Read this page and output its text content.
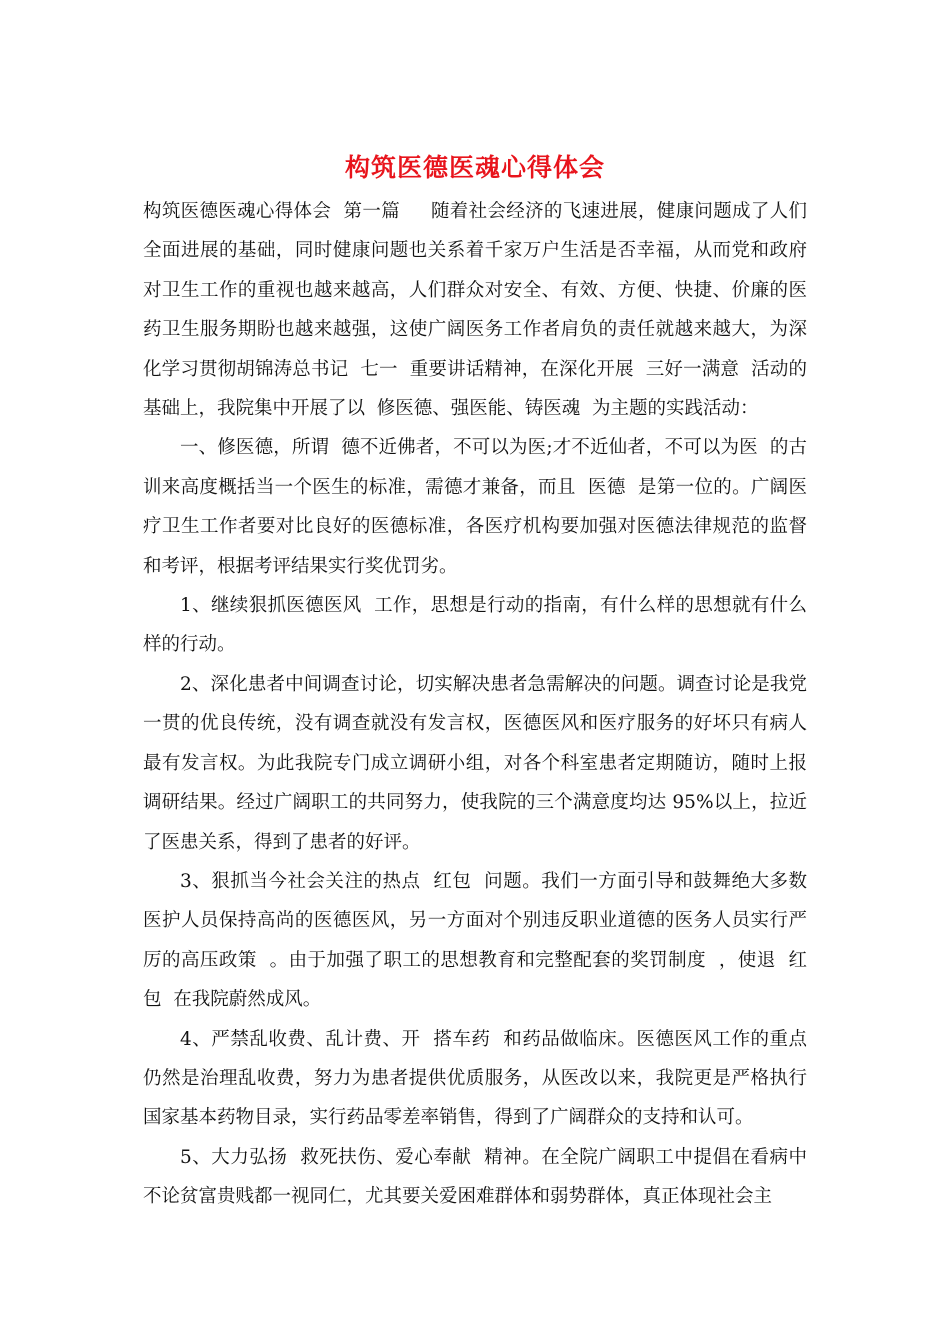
构筑医德医魂心得体会

构筑医德医魂心得体会  第一篇     随着社会经济的飞速进展，健康问题成了人们全面进展的基础，同时健康问题也关系着千家万户生活是否幸福，从而党和政府对卫生工作的重视也越来越高，人们群众对安全、有效、方便、快捷、价廉的医药卫生服务期盼也越来越强，这使广阔医务工作者肩负的责任就越来越大，为深化学习贯彻胡锦涛总书记  七一  重要讲话精神，在深化开展  三好一满意  活动的基础上，我院集中开展了以  修医德、强医能、铸医魂  为主题的实践活动：

一、修医德，所谓  德不近佛者，不可以为医;才不近仙者，不可以为医  的古训来高度概括当一个医生的标准，需德才兼备，而且  医德  是第一位的。广阔医疗卫生工作者要对比良好的医德标准，各医疗机构要加强对医德法律规范的监督和考评，根据考评结果实行奖优罚劣。

1、继续狠抓医德医风  工作，思想是行动的指南，有什么样的思想就有什么样的行动。

2、深化患者中间调查讨论，切实解决患者急需解决的问题。调查讨论是我党一贯的优良传统，没有调查就没有发言权，医德医风和医疗服务的好坏只有病人最有发言权。为此我院专门成立调研小组，对各个科室患者定期随访，随时上报调研结果。经过广阔职工的共同努力，使我院的三个满意度均达 95%以上，拉近了医患关系，得到了患者的好评。

3、狠抓当今社会关注的热点  红包  问题。我们一方面引导和鼓舞绝大多数医护人员保持高尚的医德医风，另一方面对个别违反职业道德的医务人员实行严厉的高压政策  。由于加强了职工的思想教育和完整配套的奖罚制度  ，使退  红包  在我院蔚然成风。

4、严禁乱收费、乱计费、开  搭车药  和药品做临床。医德医风工作的重点仍然是治理乱收费，努力为患者提供优质服务，从医改以来，我院更是严格执行国家基本药物目录，实行药品零差率销售，得到了广阔群众的支持和认可。

5、大力弘扬  救死扶伤、爱心奉献  精神。在全院广阔职工中提倡在看病中不论贫富贵贱都一视同仁，尤其要关爱困难群体和弱势群体，真正体现社会主
